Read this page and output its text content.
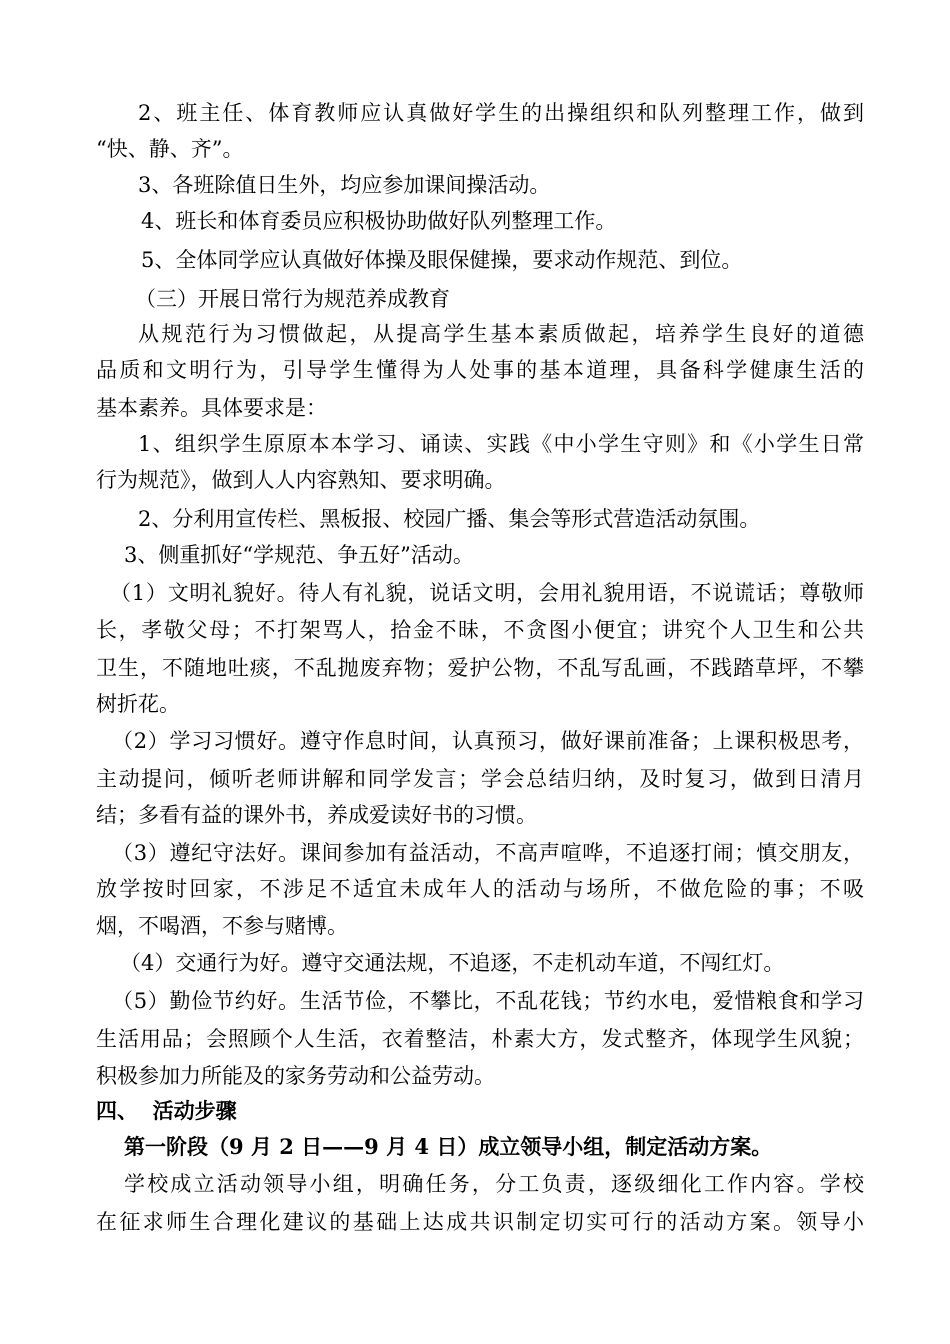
2、班主任、体育教师应认真做好学生的出操组织和队列整理工作，做到
“快、静、齐”。
3、各班除值日生外，均应参加课间操活动。
4、班长和体育委员应积极协助做好队列整理工作。
5、全体同学应认真做好体操及眼保健操，要求动作规范、到位。
（三）开展日常行为规范养成教育
从规范行为习惯做起，从提高学生基本素质做起，培养学生良好的道德
品质和文明行为，引导学生懂得为人处事的基本道理，具备科学健康生活的
基本素养。具体要求是：
1、组织学生原原本本学习、诵读、实践《中小学生守则》和《小学生日常
行为规范》，做到人人内容熟知、要求明确。
2、分利用宣传栏、黑板报、校园广播、集会等形式营造活动氛围。
3、侧重抓好“学规范、争五好”活动。
（1）文明礼貌好。待人有礼貌，说话文明，会用礼貌用语，不说谎话；尊敬师
长，孝敬父母；不打架骂人，拾金不昧，不贪图小便宜；讲究个人卫生和公共
卫生，不随地吐痰，不乱抛废弃物；爱护公物，不乱写乱画，不践踏草坪，不攀
树折花。
（2）学习习惯好。遵守作息时间，认真预习，做好课前准备；上课积极思考，
主动提问，倾听老师讲解和同学发言；学会总结归纳，及时复习，做到日清月
结；多看有益的课外书，养成爱读好书的习惯。
（3）遵纪守法好。课间参加有益活动，不高声喧哗，不追逐打闹；慎交朋友，
放学按时回家，不涉足不适宜未成年人的活动与场所，不做危险的事；不吸
烟，不喝酒，不参与赌博。
（4）交通行为好。遵守交通法规，不追逐，不走机动车道，不闯红灯。
（5）勤俭节约好。生活节俭，不攀比，不乱花钱；节约水电，爱惜粮食和学习
生活用品；会照顾个人生活，衣着整洁，朴素大方，发式整齐，体现学生风貌；
积极参加力所能及的家务劳动和公益劳动。
四、  活动步骤
第一阶段（9 月 2 日——9 月 4 日）成立领导小组，制定活动方案。
学校成立活动领导小组，明确任务，分工负责，逐级细化工作内容。学校
在征求师生合理化建议的基础上达成共识制定切实可行的活动方案。领导小
